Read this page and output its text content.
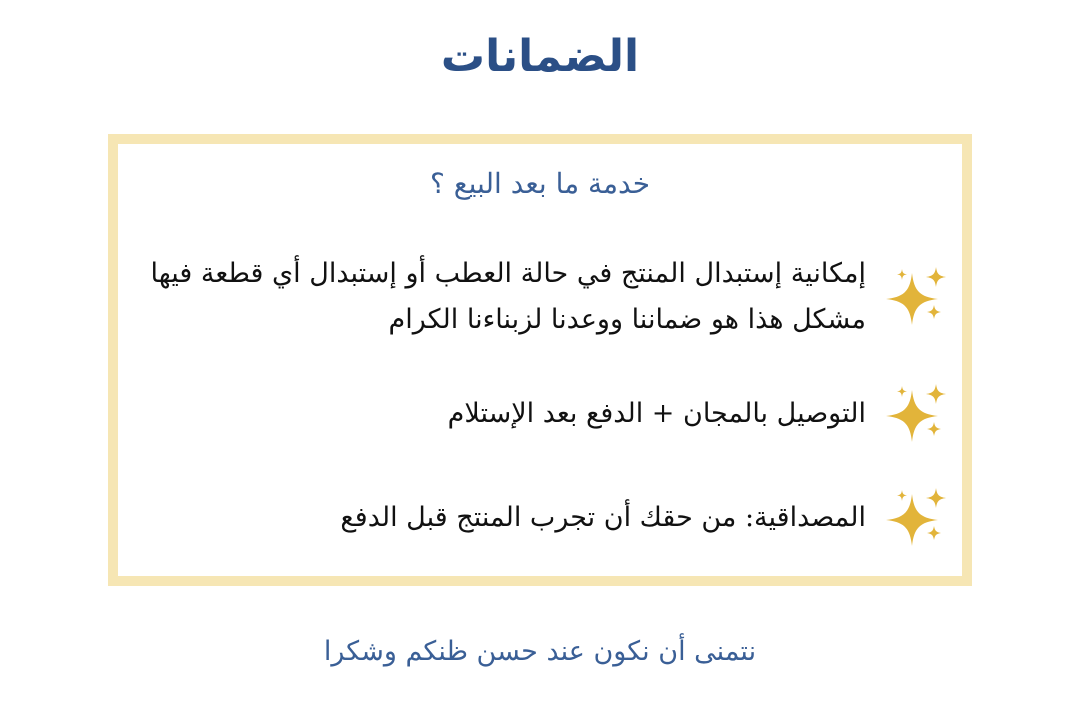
الضمانات

خدمة ما بعد البيع ؟

إمكانية إستبدال المنتج في حالة العطب أو إستبدال أي قطعة فيها مشكل هذا هو ضماننا ووعدنا لزبناءنا الكرام
التوصيل بالمجان + الدفع بعد الإستلام
المصداقية: من حقك أن تجرب المنتج قبل الدفع

نتمنى أن نكون عند حسن ظنكم وشكرا
